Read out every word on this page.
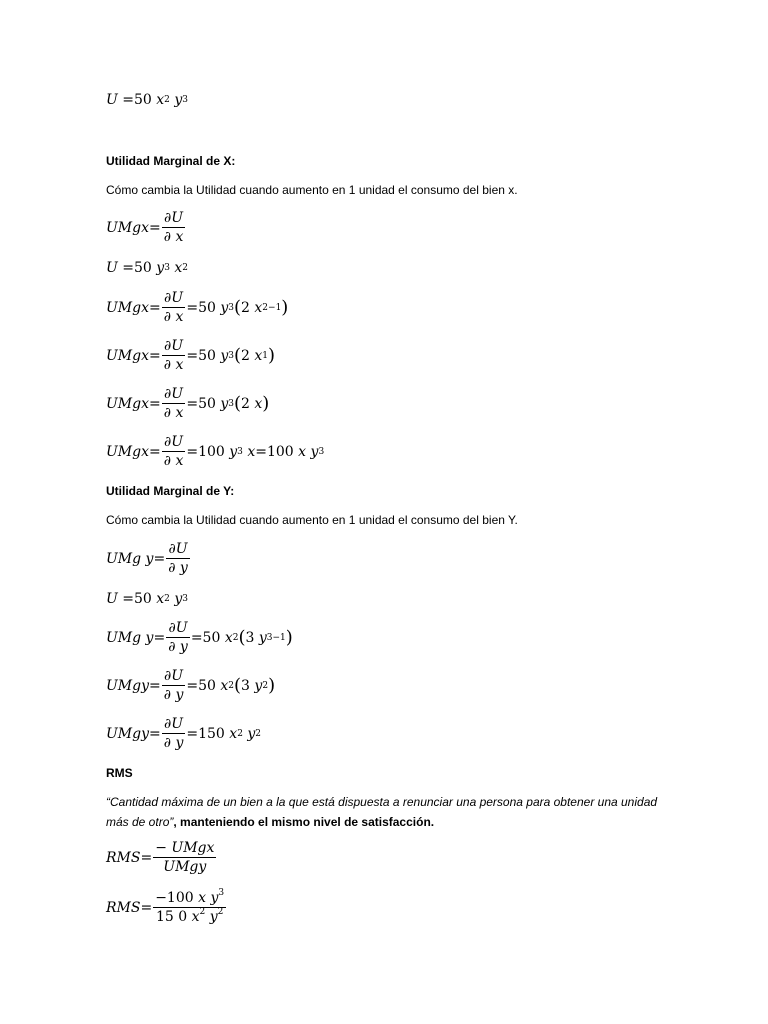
U =50 x 2
y 3
Utilidad Marginal de X:
Cómo cambia la Utilidad cuando aumento en 1 unidad el consumo del bien x.
UMgx = $\frac{\partial U}{\partial x}$
U =50 y 3
x 2
UMgx = $\frac{\partial U}{\partial x} =50$ y 3 ( 2 x 2−1 )
UMgx = $\frac{\partial U}{\partial x} =50$ y 3 ( 2 x 1 )
UMgx = $\frac{\partial U}{\partial x} =50$ y 3 ( 2 x )
UMgx = $\frac{\partial U}{\partial x} =100$ y 3
x =100 x
y 3
Utilidad Marginal de Y:
Cómo cambia la Utilidad cuando aumento en 1 unidad el consumo del bien Y.
UMg $y = \frac{\partial U}{\partial y}$
U =50 x 2
y 3
UMg $y = \frac{\partial U}{\partial y} =50$ x 2 ( 3 y 3−1 )
UMgy = $\frac{\partial U}{\partial y} =50$ x 2 ( 3 y 2 )
UMgy = $\frac{\partial U}{\partial y} =150$ x 2
y 2
RMS
“Cantidad máxima de un bien a la que está dispuesta a renunciar una persona para obtener una unidad más de otro”, manteniendo el mismo nivel de satisfacción.
RMS = $\frac{\text{− UMgx}}{\text{UMgy}}$
RMS = $\frac{-100 x y^3}{15 0 x^2 y^2}$
